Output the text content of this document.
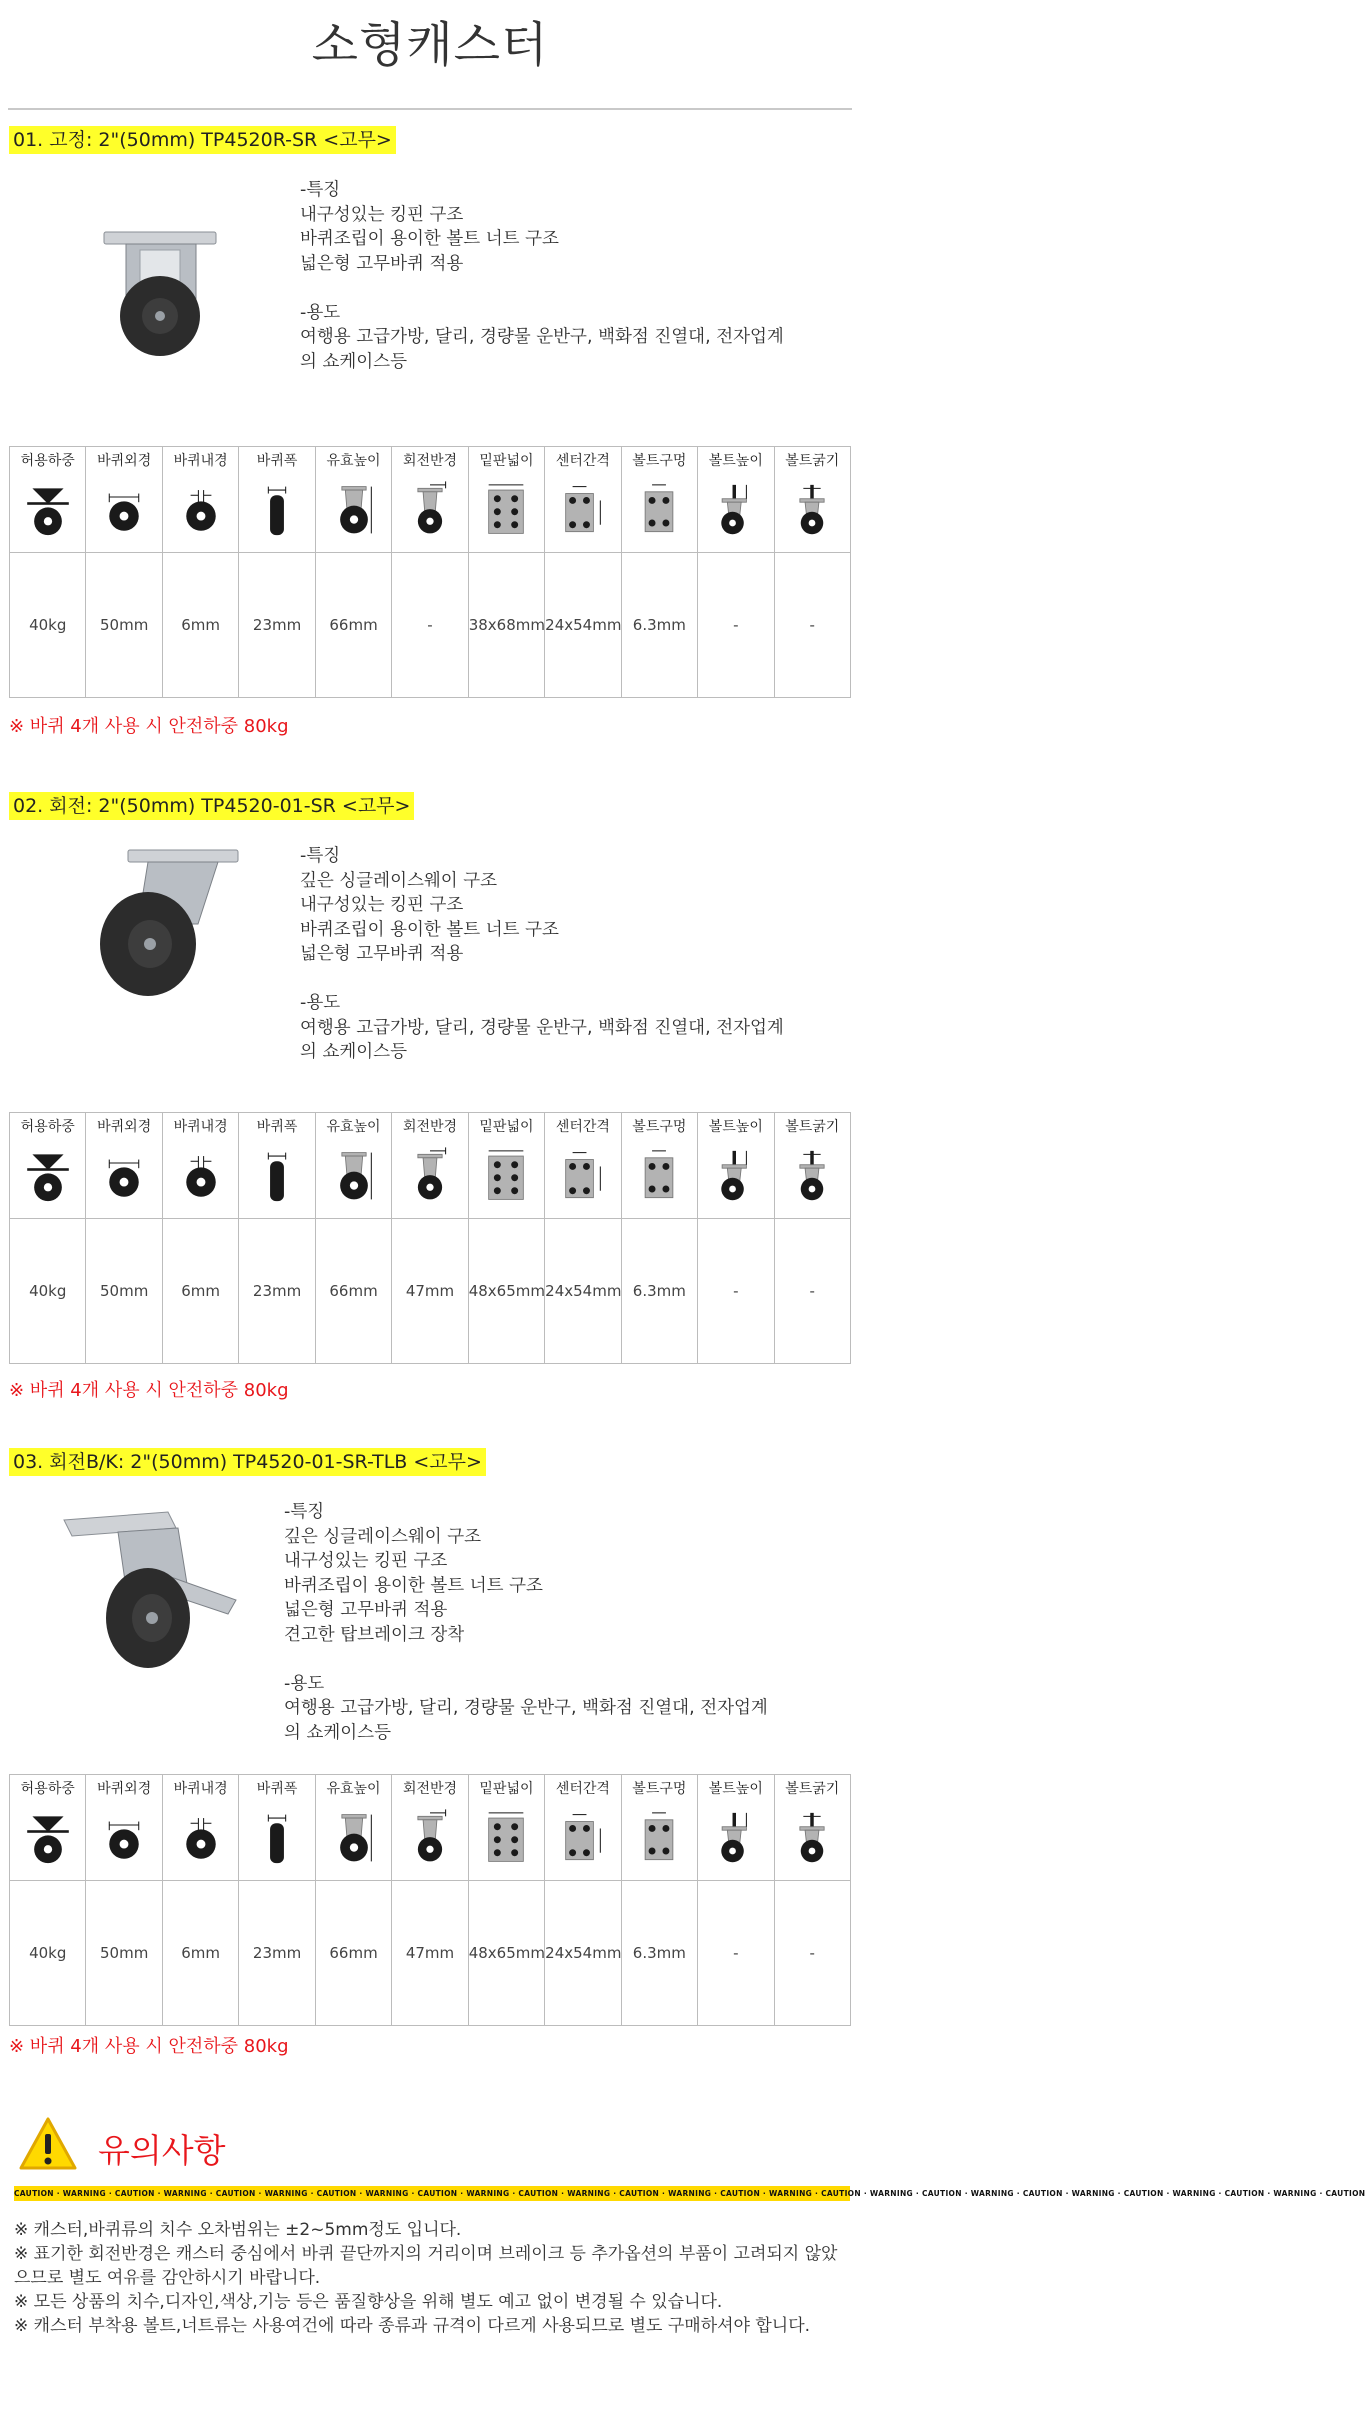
소형캐스터
01. 고정: 2"(50mm) TP4520R-SR <고무>
-특징
내구성있는 킹핀 구조
바퀴조립이 용이한 볼트 너트 구조
넓은형 고무바퀴 적용
-용도
여행용 고급가방, 달리, 경량물 운반구, 백화점 진열대, 전자업계
의 쇼케이스등
허용하중	바퀴외경	바퀴내경	바퀴폭	유효높이	회전반경	밑판넓이	센터간격	볼트구멍	볼트높이	볼트굵기

40kg	50mm	6mm	23mm	66mm	-	38x68mm	24x54mm	6.3mm	-	-
※ 바퀴 4개 사용 시 안전하중 80kg
02. 회전: 2"(50mm) TP4520-01-SR <고무>
-특징
깊은 싱글레이스웨이 구조
내구성있는 킹핀 구조
바퀴조립이 용이한 볼트 너트 구조
넓은형 고무바퀴 적용
-용도
여행용 고급가방, 달리, 경량물 운반구, 백화점 진열대, 전자업계
의 쇼케이스등
허용하중	바퀴외경	바퀴내경	바퀴폭	유효높이	회전반경	밑판넓이	센터간격	볼트구멍	볼트높이	볼트굵기

40kg	50mm	6mm	23mm	66mm	47mm	48x65mm	24x54mm	6.3mm	-	-
※ 바퀴 4개 사용 시 안전하중 80kg
03. 회전B/K: 2"(50mm) TP4520-01-SR-TLB <고무>
-특징
깊은 싱글레이스웨이 구조
내구성있는 킹핀 구조
바퀴조립이 용이한 볼트 너트 구조
넓은형 고무바퀴 적용
견고한 탑브레이크 장착
-용도
여행용 고급가방, 달리, 경량물 운반구, 백화점 진열대, 전자업계
의 쇼케이스등
허용하중	바퀴외경	바퀴내경	바퀴폭	유효높이	회전반경	밑판넓이	센터간격	볼트구멍	볼트높이	볼트굵기

40kg	50mm	6mm	23mm	66mm	47mm	48x65mm	24x54mm	6.3mm	-	-
※ 바퀴 4개 사용 시 안전하중 80kg
유의사항
CAUTION · WARNING · CAUTION · WARNING · CAUTION · WARNING · CAUTION · WARNING · CAUTION · WARNING · CAUTION · WARNING · CAUTION · WARNING · CAUTION · WARNING · CAUTION · WARNING · CAUTION · WARNING · CAUTION · WARNING · CAUTION · WARNING · CAUTION · WARNING · CAUTION
※ 캐스터,바퀴류의 치수 오차범위는 ±2~5mm정도 입니다.
※ 표기한 회전반경은 캐스터 중심에서 바퀴 끝단까지의 거리이며 브레이크 등 추가옵션의 부품이 고려되지 않았으므로 별도 여유를 감안하시기 바랍니다.
※ 모든 상품의 치수,디자인,색상,기능 등은 품질향상을 위해 별도 예고 없이 변경될 수 있습니다.
※ 캐스터 부착용 볼트,너트류는 사용여건에 따라 종류과 규격이 다르게 사용되므로 별도 구매하셔야 합니다.
